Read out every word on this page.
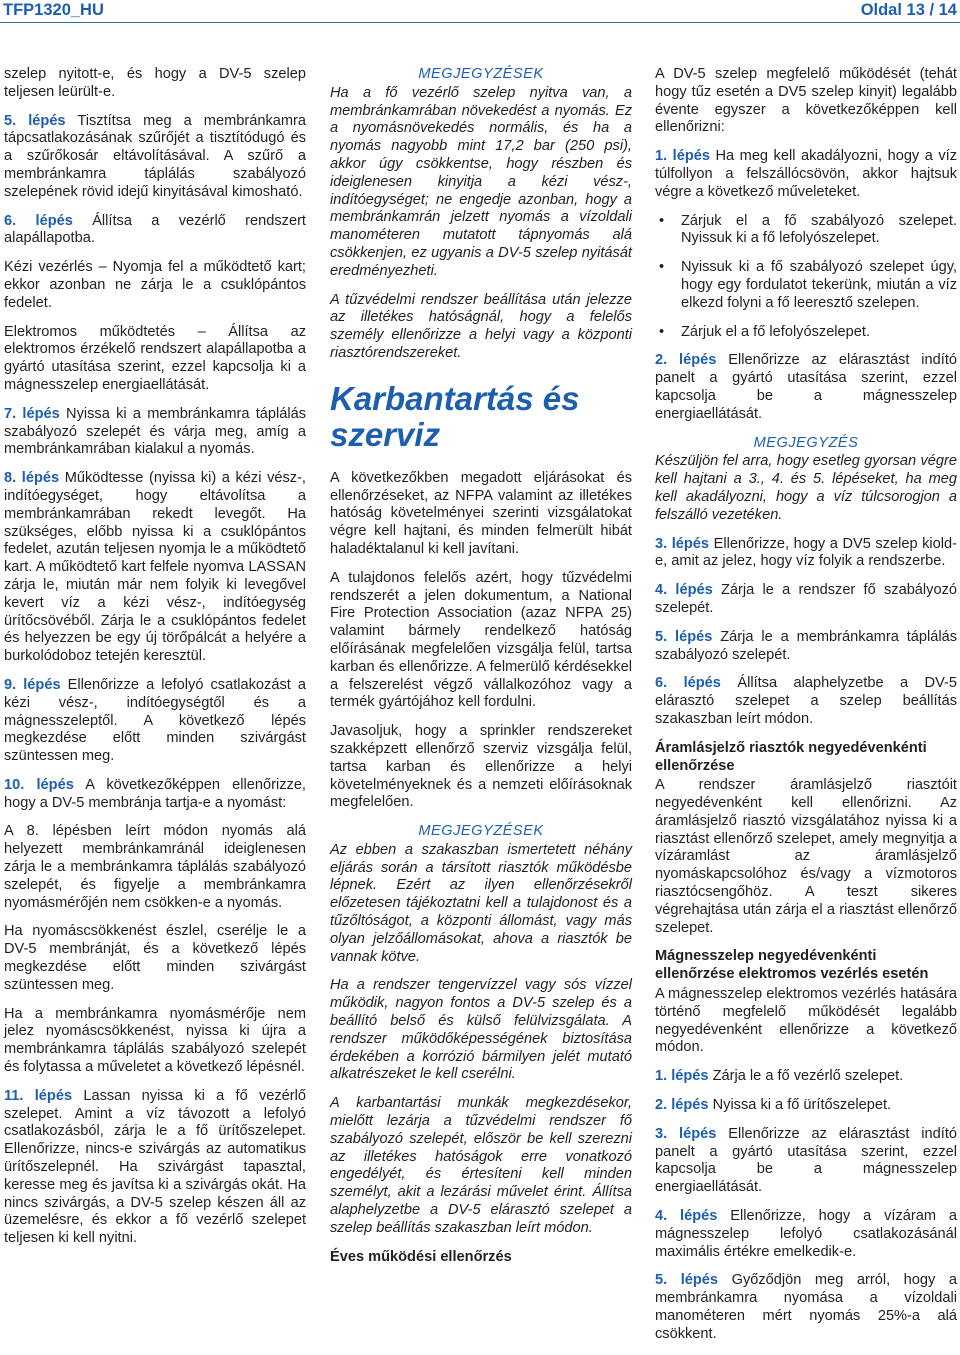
TFP1320_HU	Oldal 13 / 14

szelep nyitott-e, és hogy a DV-5 szelep teljesen leürült-e.

5. lépés Tisztítsa meg a membránkamra tápcsatlakozásának szűrőjét a tisztítódugó és a szűrőkosár eltávolításával. A szűrő a membránkamra táplálás szabályozó szelepének rövid idejű kinyitásával kimosható.

6. lépés Állítsa a vezérlő rendszert alapállapotba.

Kézi vezérlés – Nyomja fel a működtető kart; ekkor azonban ne zárja le a csuklópántos fedelet.

Elektromos működtetés – Állítsa az elektromos érzékelő rendszert alapállapotba a gyártó utasítása szerint, ezzel kapcsolja ki a mágnesszelep energiaellátását.

7. lépés Nyissa ki a membránkamra táplálás szabályozó szelepét és várja meg, amíg a membránkamrában kialakul a nyomás.

8. lépés Működtesse (nyissa ki) a kézi vész-, indítóegységet, hogy eltávolítsa a membránkamrában rekedt levegőt. Ha szükséges, előbb nyissa ki a csuklópántos fedelet, azután teljesen nyomja le a működtető kart. A működtető kart felfele nyomva LASSAN zárja le, miután már nem folyik ki levegővel kevert víz a kézi vész-, indítóegység ürítőcsövéből. Zárja le a csuklópántos fedelet és helyezzen be egy új törőpálcát a helyére a burkolódoboz tetején keresztül.

9. lépés Ellenőrizze a lefolyó csatlakozást a kézi vész-, indítóegységtől és a mágnesszeleptől. A következő lépés megkezdése előtt minden szivárgást szüntessen meg.

10. lépés A következőképpen ellenőrizze, hogy a DV-5 membránja tartja-e a nyomást:

A 8. lépésben leírt módon nyomás alá helyezett membránkamránál ideiglenesen zárja le a membránkamra táplálás szabályozó szelepét, és figyelje a membránkamra nyomásmérőjén nem csökken-e a nyomás.

Ha nyomáscsökkenést észlel, cserélje le a DV-5 membránját, és a következő lépés megkezdése előtt minden szivárgást szüntessen meg.

Ha a membránkamra nyomásmérője nem jelez nyomáscsökkenést, nyissa ki újra a membránkamra táplálás szabályozó szelepét és folytassa a műveletet a következő lépésnél.

11. lépés Lassan nyissa ki a fő vezérlő szelepet. Amint a víz távozott a lefolyó csatlakozásból, zárja le a fő ürítőszelepet. Ellenőrizze, nincs-e szivárgás az automatikus ürítőszelepnél. Ha szivárgást tapasztal, keresse meg és javítsa ki a szivárgás okát. Ha nincs szivárgás, a DV-5 szelep készen áll az üzemelésre, és ekkor a fő vezérlő szelepet teljesen ki kell nyitni.

MEGJEGYZÉSEK

Ha a fő vezérlő szelep nyitva van, a membránkamrában növekedést a nyomás. Ez a nyomásnövekedés normális, és ha a nyomás nagyobb mint 17,2 bar (250 psi), akkor úgy csökkentse, hogy részben és ideiglenesen kinyitja a kézi vész-, indítóegységet; ne engedje azonban, hogy a membránkamrán jelzett nyomás a vízoldali manométeren mutatott tápnyomás alá csökkenjen, ez ugyanis a DV-5 szelep nyitását eredményezheti.

A tűzvédelmi rendszer beállítása után jelezze az illetékes hatóságnál, hogy a felelős személy ellenőrizze a helyi vagy a központi riasztórendszereket.

Karbantartás és
szerviz

A következőkben megadott eljárásokat és ellenőrzéseket, az NFPA valamint az illetékes hatóság követelményei szerinti vizsgálatokat végre kell hajtani, és minden felmerült hibát haladéktalanul ki kell javítani.

A tulajdonos felelős azért, hogy tűzvédelmi rendszerét a jelen dokumentum, a National Fire Protection Association (azaz NFPA 25) valamint bármely rendelkező hatóság előírásának megfelelően vizsgálja felül, tartsa karban és ellenőrizze. A felmerülő kérdésekkel a felszerelést végző vállalkozóhoz vagy a termék gyártójához kell fordulni.

Javasoljuk, hogy a sprinkler rendszereket szakképzett ellenőrző szerviz vizsgálja felül, tartsa karban és ellenőrizze a helyi követelményeknek és a nemzeti előírásoknak megfelelően.

MEGJEGYZÉSEK

Az ebben a szakaszban ismertetett néhány eljárás során a társított riasztók működésbe lépnek. Ezért az ilyen ellenőrzésekről előzetesen tájékoztatni kell a tulajdonost és a tűzőltóságot, a központi állomást, vagy más olyan jelzőállomásokat, ahova a riasztók be vannak kötve.

Ha a rendszer tengervízzel vagy sós vízzel működik, nagyon fontos a DV-5 szelep és a beállító belső és külső felülvizsgálata. A rendszer működőképességének biztosítása érdekében a korrózió bármilyen jelét mutató alkatrészeket le kell cserélni.

A karbantartási munkák megkezdésekor, mielőtt lezárja a tűzvédelmi rendszer fő szabályozó szelepét, először be kell szerezni az illetékes hatóságok erre vonatkozó engedélyét, és értesíteni kell minden személyt, akit a lezárási művelet érint. Állítsa alaphelyzetbe a DV-5 elárasztó szelepet a szelep beállítás szakaszban leírt módon.

Éves működési ellenőrzés

A DV-5 szelep megfelelő működését (tehát hogy tűz esetén a DV5 szelep kinyit) legalább évente egyszer a következőképpen kell ellenőrizni:

1. lépés Ha meg kell akadályozni, hogy a víz túlfollyon a felszállócsövön, akkor hajtsuk végre a következő műveleteket.

• Zárjuk el a fő szabályozó szelepet. Nyissuk ki a fő lefolyószelepet.
• Nyissuk ki a fő szabályozó szelepet úgy, hogy egy fordulatot tekerünk, miután a víz elkezd folyni a fő leeresztő szelepen.
• Zárjuk el a fő lefolyószelepet.

2. lépés Ellenőrizze az elárasztást indító panelt a gyártó utasítása szerint, ezzel kapcsolja be a mágnesszelep energiaellátását.

MEGJEGYZÉS

Készüljön fel arra, hogy esetleg gyorsan végre kell hajtani a 3., 4. és 5. lépéseket, ha meg kell akadályozni, hogy a víz túlcsorogjon a felszálló vezetéken.

3. lépés Ellenőrizze, hogy a DV5 szelep kiold-e, amit az jelez, hogy víz folyik a rendszerbe.

4. lépés Zárja le a rendszer fő szabályozó szelepét.

5. lépés Zárja le a membránkamra táplálás szabályozó szelepét.

6. lépés Állítsa alaphelyzetbe a DV-5 elárasztó szelepet a szelep beállítás szakaszban leírt módon.

Áramlásjelző riasztók negyedévenkénti ellenőrzése

A rendszer áramlásjelző riasztóit negyedévenként kell ellenőrizni. Az áramlásjelző riasztó vizsgálatához nyissa ki a riasztást ellenőrző szelepet, amely megnyitja a vízáramlást az áramlásjelző nyomáskapcsolóhoz és/vagy a vízmotoros riasztócsengőhöz. A teszt sikeres végrehajtása után zárja el a riasztást ellenőrző szelepet.

Mágnesszelep negyedévenkénti ellenőrzése elektromos vezérlés esetén

A mágnesszelep elektromos vezérlés hatására történő megfelelő működését legalább negyedévenként ellenőrizze a következő módon.

1. lépés Zárja le a fő vezérlő szelepet.

2. lépés Nyissa ki a fő ürítőszelepet.

3. lépés Ellenőrizze az elárasztást indító panelt a gyártó utasítása szerint, ezzel kapcsolja be a mágnesszelep energiaellátását.

4. lépés Ellenőrizze, hogy a vízáram a mágnesszelep lefolyó csatlakozásánál maximális értékre emelkedik-e.

5. lépés Győződjön meg arról, hogy a membránkamra nyomása a vízoldali manométeren mért nyomás 25%-a alá csökkent.
